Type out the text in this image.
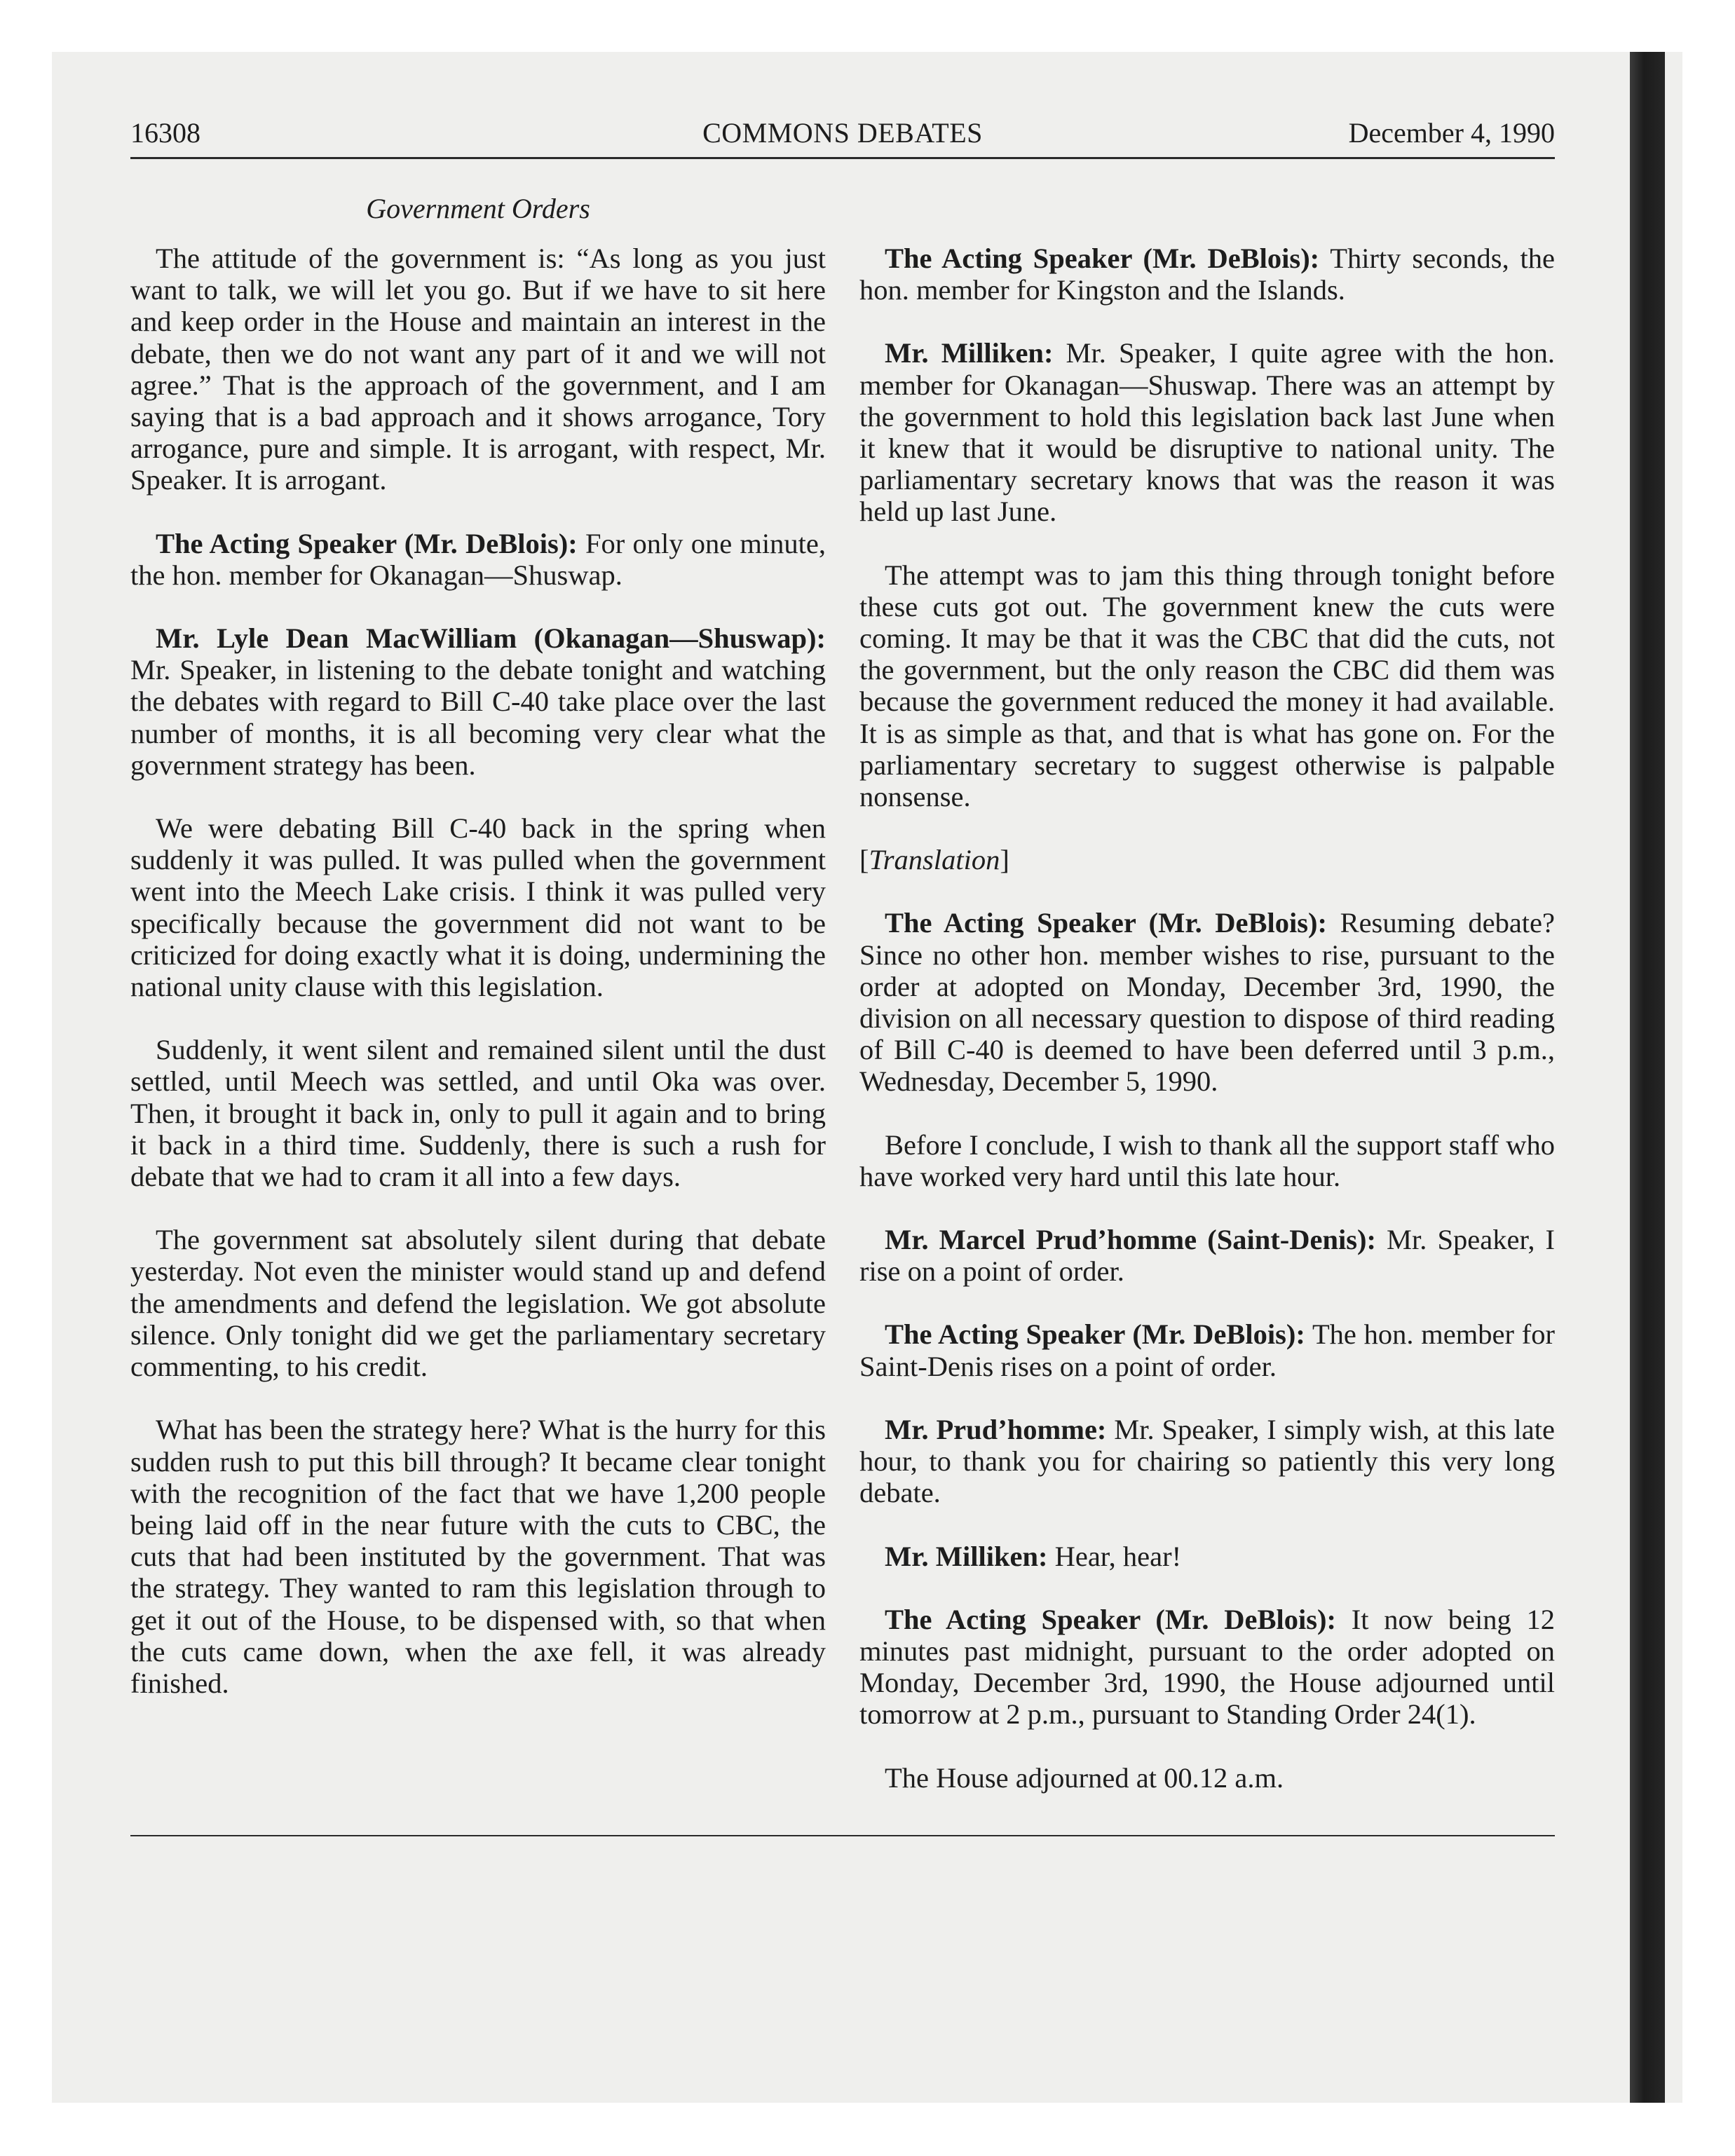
16308	COMMONS DEBATES	December 4, 1990
Government Orders

The attitude of the government is: “As long as you just want to talk, we will let you go. But if we have to sit here and keep order in the House and maintain an interest in the debate, then we do not want any part of it and we will not agree.” That is the approach of the government, and I am saying that is a bad approach and it shows arrogance, Tory arrogance, pure and simple. It is arrogant, with respect, Mr. Speaker. It is arrogant.

The Acting Speaker (Mr. DeBlois): For only one minute, the hon. member for Okanagan—Shuswap.

Mr. Lyle Dean MacWilliam (Okanagan—Shuswap): Mr. Speaker, in listening to the debate tonight and watching the debates with regard to Bill C-40 take place over the last number of months, it is all becoming very clear what the government strategy has been.

We were debating Bill C-40 back in the spring when suddenly it was pulled. It was pulled when the government went into the Meech Lake crisis. I think it was pulled very specifically because the government did not want to be criticized for doing exactly what it is doing, undermining the national unity clause with this legislation.

Suddenly, it went silent and remained silent until the dust settled, until Meech was settled, and until Oka was over. Then, it brought it back in, only to pull it again and to bring it back in a third time. Suddenly, there is such a rush for debate that we had to cram it all into a few days.

The government sat absolutely silent during that debate yesterday. Not even the minister would stand up and defend the amendments and defend the legislation. We got absolute silence. Only tonight did we get the parliamentary secretary commenting, to his credit.

What has been the strategy here? What is the hurry for this sudden rush to put this bill through? It became clear tonight with the recognition of the fact that we have 1,200 people being laid off in the near future with the cuts to CBC, the cuts that had been instituted by the government. That was the strategy. They wanted to ram this legislation through to get it out of the House, to be dispensed with, so that when the cuts came down, when the axe fell, it was already finished.

The Acting Speaker (Mr. DeBlois): Thirty seconds, the hon. member for Kingston and the Islands.

Mr. Milliken: Mr. Speaker, I quite agree with the hon. member for Okanagan—Shuswap. There was an attempt by the government to hold this legislation back last June when it knew that it would be disruptive to national unity. The parliamentary secretary knows that was the reason it was held up last June.

The attempt was to jam this thing through tonight before these cuts got out. The government knew the cuts were coming. It may be that it was the CBC that did the cuts, not the government, but the only reason the CBC did them was because the government reduced the money it had available. It is as simple as that, and that is what has gone on. For the parliamentary secretary to suggest otherwise is palpable nonsense.

[Translation]

The Acting Speaker (Mr. DeBlois): Resuming debate? Since no other hon. member wishes to rise, pursuant to the order at adopted on Monday, December 3rd, 1990, the division on all necessary question to dispose of third reading of Bill C-40 is deemed to have been deferred until 3 p.m., Wednesday, December 5, 1990.

Before I conclude, I wish to thank all the support staff who have worked very hard until this late hour.

Mr. Marcel Prud’homme (Saint-Denis): Mr. Speaker, I rise on a point of order.

The Acting Speaker (Mr. DeBlois): The hon. member for Saint-Denis rises on a point of order.

Mr. Prud’homme: Mr. Speaker, I simply wish, at this late hour, to thank you for chairing so patiently this very long debate.

Mr. Milliken: Hear, hear!

The Acting Speaker (Mr. DeBlois): It now being 12 minutes past midnight, pursuant to the order adopted on Monday, December 3rd, 1990, the House adjourned until tomorrow at 2 p.m., pursuant to Standing Order 24(1).

The House adjourned at 00.12 a.m.
